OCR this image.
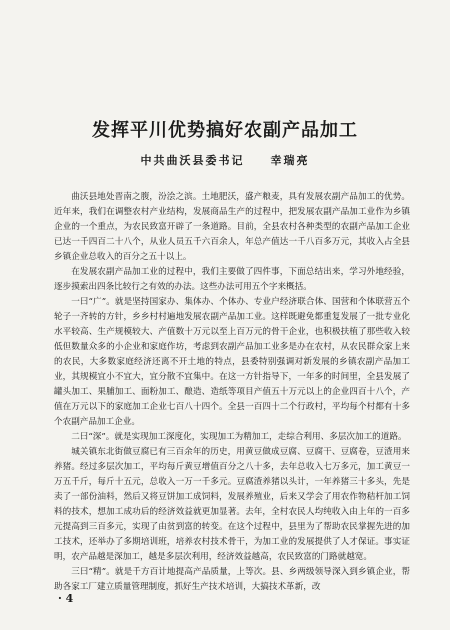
发挥平川优势搞好农副产品加工
中共曲沃县委书记　　幸瑞亮

曲沃县地处晋南之腹，汾浍之滨。土地肥沃，盛产粮麦，具有发展农副产品加工的优势。近年来，我们在调整农村产业结构，发展商品生产的过程中，把发展农副产品加工业作为乡镇企业的一个重点，为农民致富开辟了一条道路。目前，全县农村各种类型的农副产品加工企业已达一千四百二十八个，从业人员五千六百余人，年总产值达一千八百多万元，其收入占全县乡镇企业总收入的百分之五十以上。

在发展农副产品加工业的过程中，我们主要做了四件事，下面总结出来，学习外地经验，逐步摸索出四条比较行之有效的办法。这些办法可用五个字来概括。

一曰“广”。就是坚持国家办、集体办、个体办、专业户经济联合体、国营和个体联营五个轮子一齐转的方针，乡乡村村遍地发展农副产品加工业。这样既避免都重复发展了一批专业化水平较高、生产规模较大、产值数十万元以至上百万元的骨干企业，也积极扶植了那些收入较低但数量众多的小企业和家庭作坊，考虑到农副产品加工业多是办在农村，从农民群众家上来的农民，大多数家庭经济还离不开土地的特点，县委特别强调对新发展的乡镇农副产品加工业，其规模宜小不宜大，宜分散不宜集中。在这一方针指导下，一年多的时间里，全县发展了罐头加工、果脯加工、面粉加工、酿造、造纸等项目产值五十万元以上的企业四百十八个，产值在万元以下的家庭加工企业七百八十四个。全县一百四十二个行政村，平均每个村都有十多个农副产品加工企业。

二曰“深”。就是实现加工深度化，实现加工为精加工，走综合利用、多层次加工的道路。

城关镇东北街做豆腐已有三百余年的历史，用黄豆做成豆腐、豆腐干、豆腐卷，豆渣用来养猪。经过多层次加工，平均每斤黄豆增值百分之八十多，去年总收入七万多元，加工黄豆一万五千斤，每斤十五元，总收入一万一千多元。豆腐渣养猪以头计，一年养猪三十多头，先是卖了一部份油料，然后又将豆饼加工成饲料，发展养殖业，后来又学会了用农作物秸杆加工饲料的技术，想加工成功后的经济效益就更加显著。去年，全村农民人均纯收入由上年的一百多元提高到三百多元，实现了由贫到富的转变。在这个过程中，县里为了帮助农民掌握先进的加工技术，还举办了多期培训班，培养农村技术骨干，为加工业的发展提供了人才保证。事实证明，农产品越是深加工，越是多层次利用，经济效益越高，农民致富的门路就越宽。

三曰“精”。就是千方百计地提高产品质量，上等次。县、乡两级领导深入到乡镇企业，帮助各家工厂建立质量管理制度，抓好生产技术培训，大搞技术革新，改

· 4
